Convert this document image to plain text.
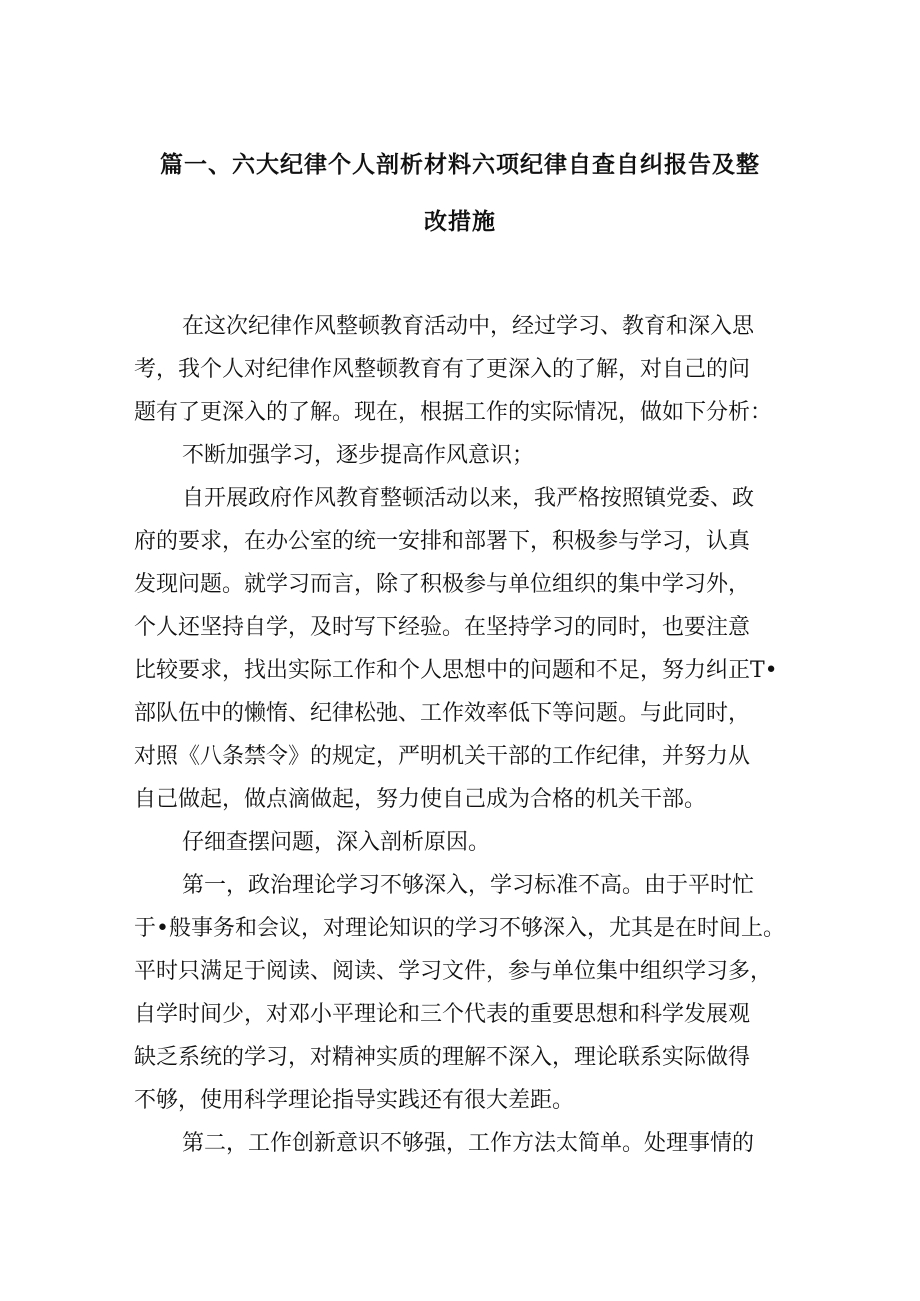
篇一、六大纪律个人剖析材料六项纪律自查自纠报告及整
改措施
在这次纪律作风整顿教育活动中，经过学习、教育和深入思
考，我个人对纪律作风整顿教育有了更深入的了解，对自己的问
题有了更深入的了解。现在，根据工作的实际情况，做如下分析：
不断加强学习，逐步提高作风意识；
自开展政府作风教育整顿活动以来，我严格按照镇党委、政
府的要求，在办公室的统一安排和部署下，积极参与学习，认真
发现问题。就学习而言，除了积极参与单位组织的集中学习外，
个人还坚持自学，及时写下经验。在坚持学习的同时，也要注意
比较要求，找出实际工作和个人思想中的问题和不足，努力纠正T•
部队伍中的懒惰、纪律松弛、工作效率低下等问题。与此同时，
对照《八条禁令》的规定，严明机关干部的工作纪律，并努力从
自己做起，做点滴做起，努力使自己成为合格的机关干部。
仔细查摆问题，深入剖析原因。
第一，政治理论学习不够深入，学习标准不高。由于平时忙
于•般事务和会议，对理论知识的学习不够深入，尤其是在时间上。
平时只满足于阅读、阅读、学习文件，参与单位集中组织学习多，
自学时间少，对邓小平理论和三个代表的重要思想和科学发展观
缺乏系统的学习，对精神实质的理解不深入，理论联系实际做得
不够，使用科学理论指导实践还有很大差距。
第二，工作创新意识不够强，工作方法太简单。处理事情的
